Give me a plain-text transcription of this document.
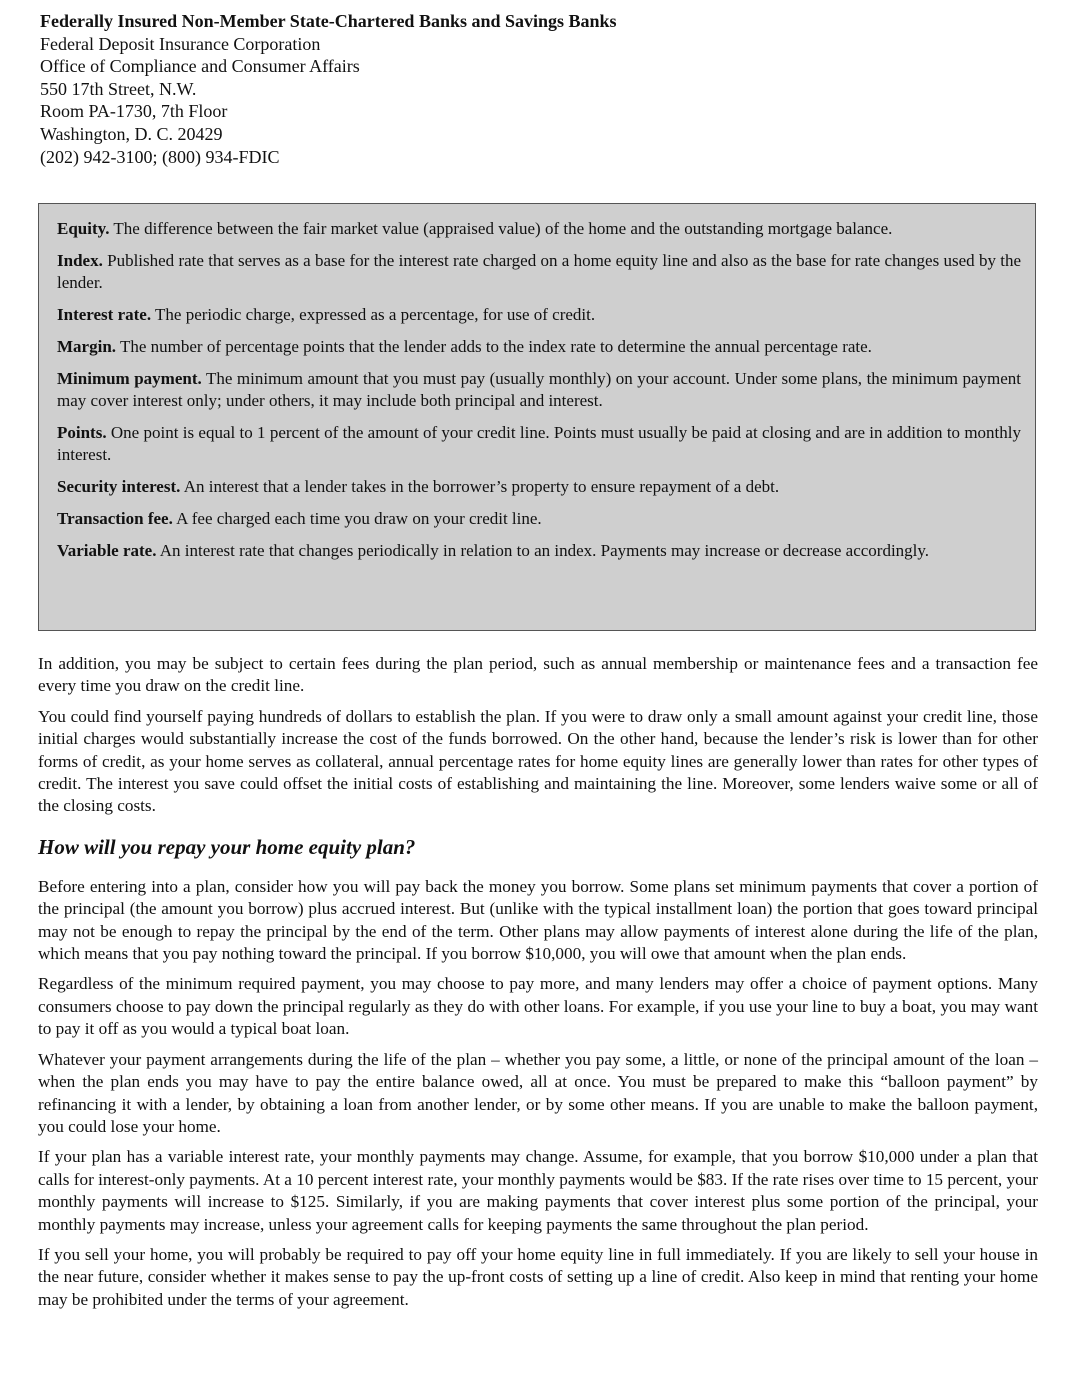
Federally Insured Non-Member State-Chartered Banks and Savings Banks
Federal Deposit Insurance Corporation
Office of Compliance and Consumer Affairs
550 17th Street, N.W.
Room PA-1730, 7th Floor
Washington, D. C. 20429
(202) 942-3100; (800) 934-FDIC
Equity. The difference between the fair market value (appraised value) of the home and the outstanding mortgage balance.
Index. Published rate that serves as a base for the interest rate charged on a home equity line and also as the base for rate changes used by the lender.
Interest rate. The periodic charge, expressed as a percentage, for use of credit.
Margin. The number of percentage points that the lender adds to the index rate to determine the annual percentage rate.
Minimum payment. The minimum amount that you must pay (usually monthly) on your account. Under some plans, the minimum payment may cover interest only; under others, it may include both principal and interest.
Points. One point is equal to 1 percent of the amount of your credit line. Points must usually be paid at closing and are in addition to monthly interest.
Security interest. An interest that a lender takes in the borrower’s property to ensure repayment of a debt.
Transaction fee. A fee charged each time you draw on your credit line.
Variable rate. An interest rate that changes periodically in relation to an index. Payments may increase or decrease accordingly.

In addition, you may be subject to certain fees during the plan period, such as annual membership or maintenance fees and a transaction fee every time you draw on the credit line.

You could find yourself paying hundreds of dollars to establish the plan. If you were to draw only a small amount against your credit line, those initial charges would substantially increase the cost of the funds borrowed. On the other hand, because the lender’s risk is lower than for other forms of credit, as your home serves as collateral, annual percentage rates for home equity lines are generally lower than rates for other types of credit. The interest you save could offset the initial costs of establishing and maintaining the line. Moreover, some lenders waive some or all of the closing costs.

How will you repay your home equity plan?

Before entering into a plan, consider how you will pay back the money you borrow. Some plans set minimum payments that cover a portion of the principal (the amount you borrow) plus accrued interest. But (unlike with the typical installment loan) the portion that goes toward principal may not be enough to repay the principal by the end of the term. Other plans may allow payments of interest alone during the life of the plan, which means that you pay nothing toward the principal. If you borrow $10,000, you will owe that amount when the plan ends.

Regardless of the minimum required payment, you may choose to pay more, and many lenders may offer a choice of payment options. Many consumers choose to pay down the principal regularly as they do with other loans. For example, if you use your line to buy a boat, you may want to pay it off as you would a typical boat loan.

Whatever your payment arrangements during the life of the plan – whether you pay some, a little, or none of the principal amount of the loan – when the plan ends you may have to pay the entire balance owed, all at once. You must be prepared to make this “balloon payment” by refinancing it with a lender, by obtaining a loan from another lender, or by some other means. If you are unable to make the balloon payment, you could lose your home.

If your plan has a variable interest rate, your monthly payments may change. Assume, for example, that you borrow $10,000 under a plan that calls for interest-only payments. At a 10 percent interest rate, your monthly payments would be $83. If the rate rises over time to 15 percent, your monthly payments will increase to $125. Similarly, if you are making payments that cover interest plus some portion of the principal, your monthly payments may increase, unless your agreement calls for keeping payments the same throughout the plan period.

If you sell your home, you will probably be required to pay off your home equity line in full immediately. If you are likely to sell your house in the near future, consider whether it makes sense to pay the up-front costs of setting up a line of credit. Also keep in mind that renting your home may be prohibited under the terms of your agreement.
